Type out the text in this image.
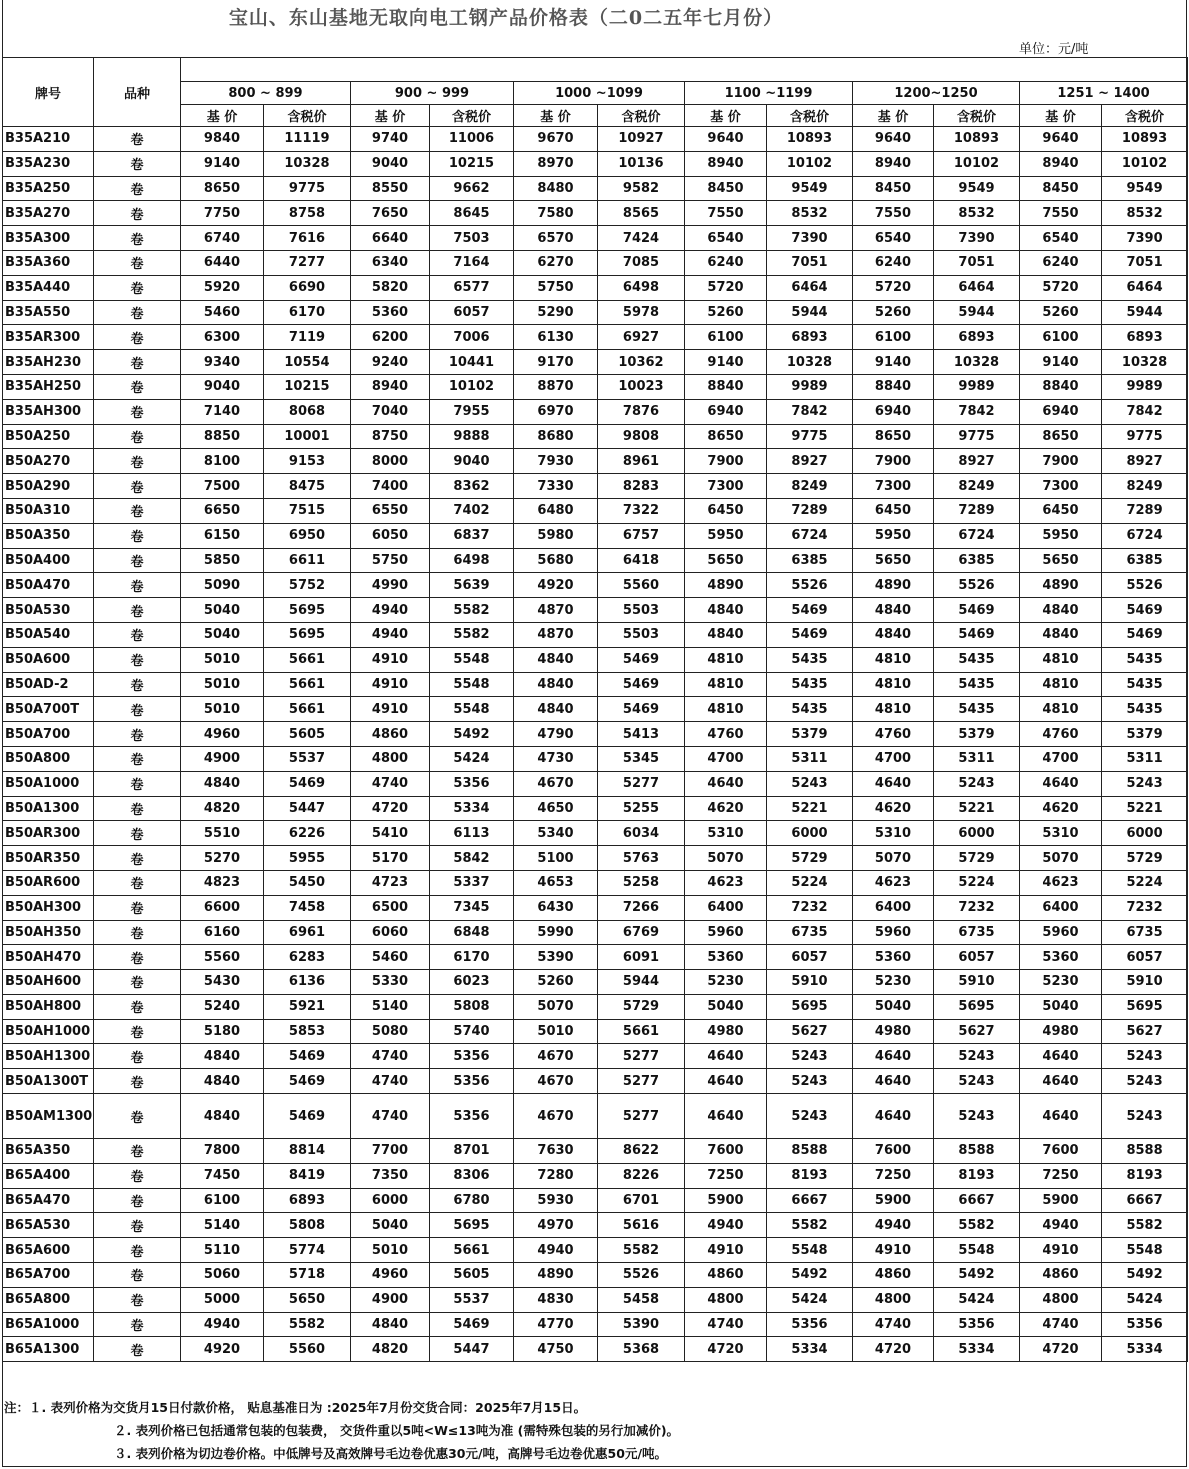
宝山、东山基地无取向电工钢产品价格表（二0二五年七月份）
单位：元/吨
牌号	品种												
		800 ~ 899		900 ~ 999		1000 ~1099		1100 ~1199		1200~1250		1251 ~ 1400	
		基 价	含税价	基 价	含税价	基 价	含税价	基 价	含税价	基 价	含税价	基 价	含税价
B35A210	卷	9840	11119	9740	11006	9670	10927	9640	10893	9640	10893	9640	10893
B35A230	卷	9140	10328	9040	10215	8970	10136	8940	10102	8940	10102	8940	10102
B35A250	卷	8650	9775	8550	9662	8480	9582	8450	9549	8450	9549	8450	9549
B35A270	卷	7750	8758	7650	8645	7580	8565	7550	8532	7550	8532	7550	8532
B35A300	卷	6740	7616	6640	7503	6570	7424	6540	7390	6540	7390	6540	7390
B35A360	卷	6440	7277	6340	7164	6270	7085	6240	7051	6240	7051	6240	7051
B35A440	卷	5920	6690	5820	6577	5750	6498	5720	6464	5720	6464	5720	6464
B35A550	卷	5460	6170	5360	6057	5290	5978	5260	5944	5260	5944	5260	5944
B35AR300	卷	6300	7119	6200	7006	6130	6927	6100	6893	6100	6893	6100	6893
B35AH230	卷	9340	10554	9240	10441	9170	10362	9140	10328	9140	10328	9140	10328
B35AH250	卷	9040	10215	8940	10102	8870	10023	8840	9989	8840	9989	8840	9989
B35AH300	卷	7140	8068	7040	7955	6970	7876	6940	7842	6940	7842	6940	7842
B50A250	卷	8850	10001	8750	9888	8680	9808	8650	9775	8650	9775	8650	9775
B50A270	卷	8100	9153	8000	9040	7930	8961	7900	8927	7900	8927	7900	8927
B50A290	卷	7500	8475	7400	8362	7330	8283	7300	8249	7300	8249	7300	8249
B50A310	卷	6650	7515	6550	7402	6480	7322	6450	7289	6450	7289	6450	7289
B50A350	卷	6150	6950	6050	6837	5980	6757	5950	6724	5950	6724	5950	6724
B50A400	卷	5850	6611	5750	6498	5680	6418	5650	6385	5650	6385	5650	6385
B50A470	卷	5090	5752	4990	5639	4920	5560	4890	5526	4890	5526	4890	5526
B50A530	卷	5040	5695	4940	5582	4870	5503	4840	5469	4840	5469	4840	5469
B50A540	卷	5040	5695	4940	5582	4870	5503	4840	5469	4840	5469	4840	5469
B50A600	卷	5010	5661	4910	5548	4840	5469	4810	5435	4810	5435	4810	5435
B50AD-2	卷	5010	5661	4910	5548	4840	5469	4810	5435	4810	5435	4810	5435
B50A700T	卷	5010	5661	4910	5548	4840	5469	4810	5435	4810	5435	4810	5435
B50A700	卷	4960	5605	4860	5492	4790	5413	4760	5379	4760	5379	4760	5379
B50A800	卷	4900	5537	4800	5424	4730	5345	4700	5311	4700	5311	4700	5311
B50A1000	卷	4840	5469	4740	5356	4670	5277	4640	5243	4640	5243	4640	5243
B50A1300	卷	4820	5447	4720	5334	4650	5255	4620	5221	4620	5221	4620	5221
B50AR300	卷	5510	6226	5410	6113	5340	6034	5310	6000	5310	6000	5310	6000
B50AR350	卷	5270	5955	5170	5842	5100	5763	5070	5729	5070	5729	5070	5729
B50AR600	卷	4823	5450	4723	5337	4653	5258	4623	5224	4623	5224	4623	5224
B50AH300	卷	6600	7458	6500	7345	6430	7266	6400	7232	6400	7232	6400	7232
B50AH350	卷	6160	6961	6060	6848	5990	6769	5960	6735	5960	6735	5960	6735
B50AH470	卷	5560	6283	5460	6170	5390	6091	5360	6057	5360	6057	5360	6057
B50AH600	卷	5430	6136	5330	6023	5260	5944	5230	5910	5230	5910	5230	5910
B50AH800	卷	5240	5921	5140	5808	5070	5729	5040	5695	5040	5695	5040	5695
B50AH1000	卷	5180	5853	5080	5740	5010	5661	4980	5627	4980	5627	4980	5627
B50AH1300	卷	4840	5469	4740	5356	4670	5277	4640	5243	4640	5243	4640	5243
B50A1300T	卷	4840	5469	4740	5356	4670	5277	4640	5243	4640	5243	4640	5243
B50AM1300	卷	4840	5469	4740	5356	4670	5277	4640	5243	4640	5243	4640	5243
B65A350	卷	7800	8814	7700	8701	7630	8622	7600	8588	7600	8588	7600	8588
B65A400	卷	7450	8419	7350	8306	7280	8226	7250	8193	7250	8193	7250	8193
B65A470	卷	6100	6893	6000	6780	5930	6701	5900	6667	5900	6667	5900	6667
B65A530	卷	5140	5808	5040	5695	4970	5616	4940	5582	4940	5582	4940	5582
B65A600	卷	5110	5774	5010	5661	4940	5582	4910	5548	4910	5548	4910	5548
B65A700	卷	5060	5718	4960	5605	4890	5526	4860	5492	4860	5492	4860	5492
B65A800	卷	5000	5650	4900	5537	4830	5458	4800	5424	4800	5424	4800	5424
B65A1000	卷	4940	5582	4840	5469	4770	5390	4740	5356	4740	5356	4740	5356
B65A1300	卷	4920	5560	4820	5447	4750	5368	4720	5334	4720	5334	4720	5334
注：１. 表列价格为交货月15日付款价格， 贴息基准日为 :2025年7月份交货合同：2025年7月15日。
２. 表列价格已包括通常包装的包装费， 交货件重以5吨<W≤13吨为准 (需特殊包装的另行加减价)。
３. 表列价格为切边卷价格。中低牌号及高效牌号毛边卷优惠30元/吨，高牌号毛边卷优惠50元/吨。
